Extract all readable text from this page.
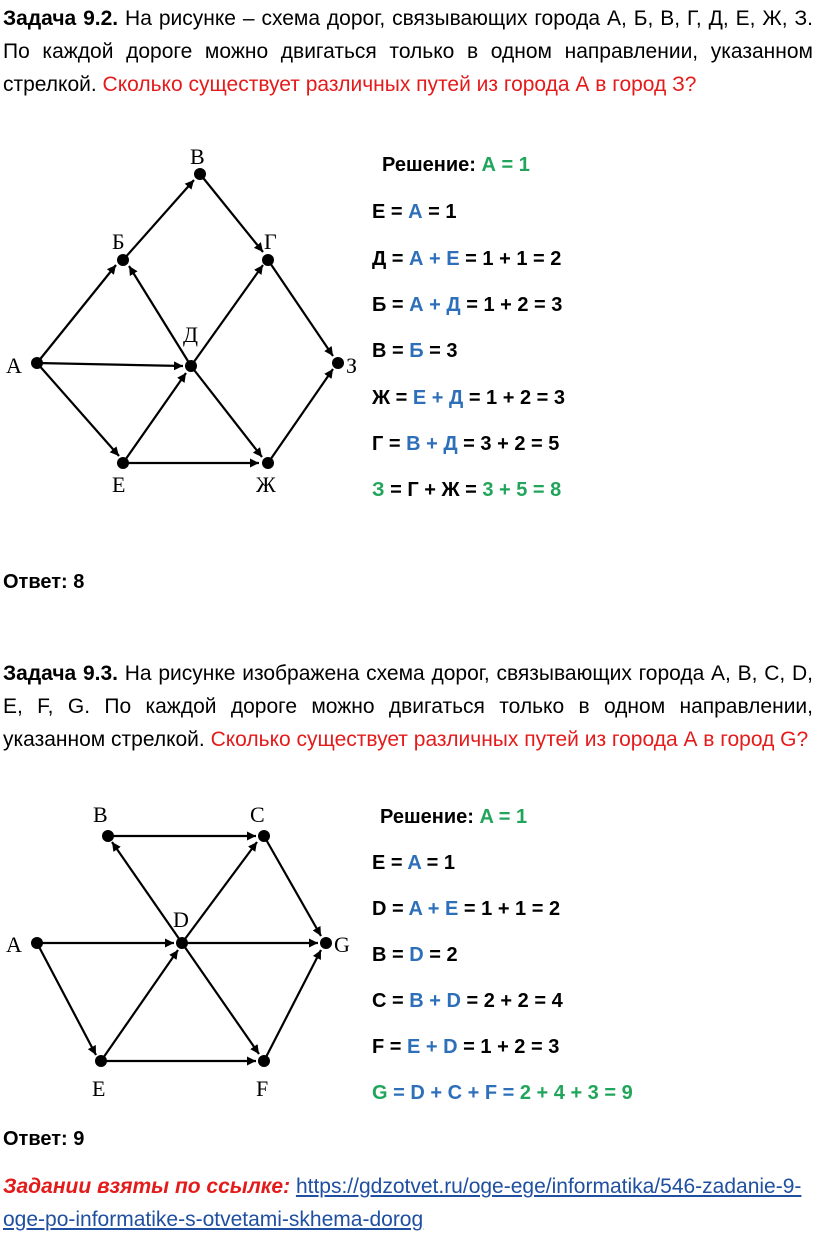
Задача 9.2. На рисунке – схема дорог, связывающих города А, Б, В, Г, Д, Е, Ж, З. По каждой дороге можно двигаться только в одном направлении, указанном стрелкой. Сколько существует различных путей из города А в город З?

А
Б
В
Г
Д
З
Е	Ж
Решение: А = 1
Е = А = 1
Д = А + Е = 1 + 1 = 2
Б = А + Д = 1 + 2 = 3
В = Б = 3
Ж = Е + Д = 1 + 2 = 3
Г = В + Д = 3 + 2 = 5
З = Г + Ж = 3 + 5 = 8
Ответ: 8

Задача 9.3. На рисунке изображена схема дорог, связывающих города A, B, C, D, E, F, G. По каждой дороге можно двигаться только в одном направлении, указанном стрелкой. Сколько существует различных путей из города А в город G?

A
B	C
D
G
E	F
Решение: A = 1
E = A = 1
D = A + E = 1 + 1 = 2
B = D = 2
C = B + D = 2 + 2 = 4
F = E + D = 1 + 2 = 3
G = D + C + F = 2 + 4 + 3 = 9
Ответ: 9
Задании взяты по ссылке: https://gdzotvet.ru/oge-ege/informatika/546-zadanie-9-oge-po-informatike-s-otvetami-skhema-dorog
